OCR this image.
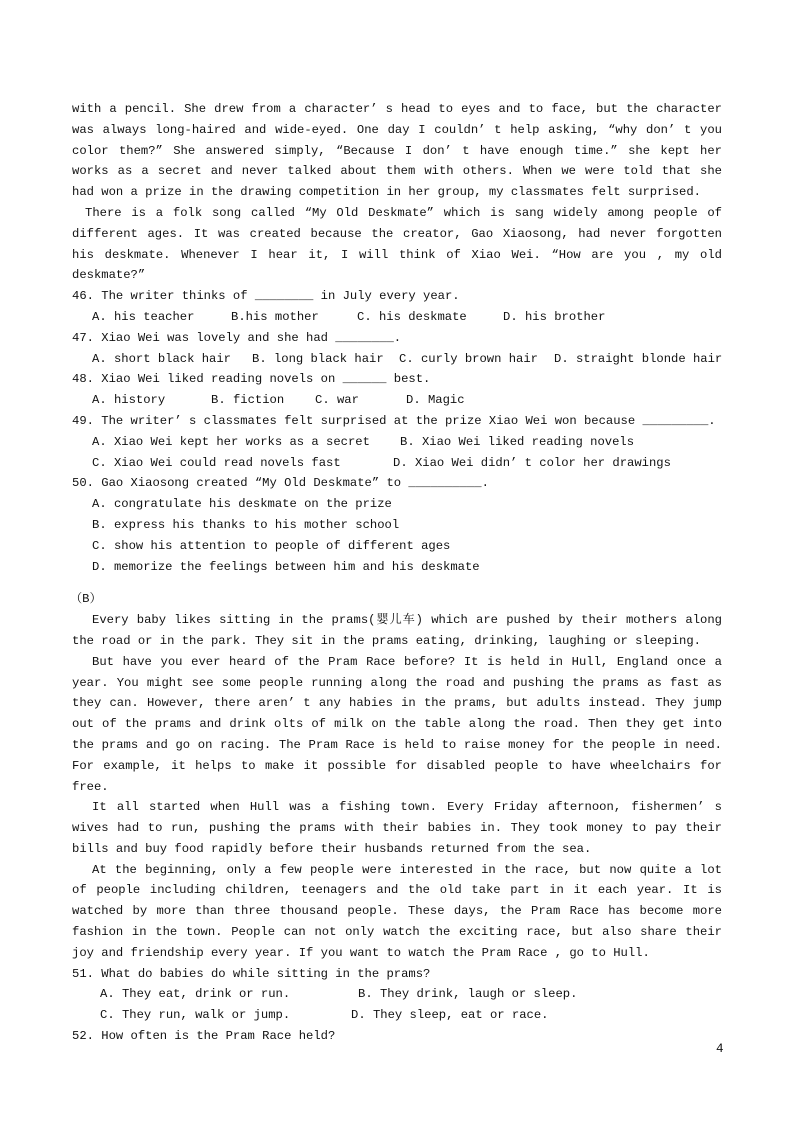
with a pencil. She drew from a character’ s head to eyes and to face, but the character was always long-haired and wide-eyed. One day I couldn’ t help asking, “why don’ t you color them?” She answered simply, “Because I don’ t have enough time.” she kept her works as a secret and never talked about them with others. When we were told that she had won a prize in the drawing competition in her group, my classmates felt surprised.
There is a folk song called “My Old Deskmate” which is sang widely among people of different ages. It was created because the creator, Gao Xiaosong, had never forgotten his deskmate. Whenever I hear it, I will think of Xiao Wei. “How are you , my old deskmate?”
46. The writer thinks of ________ in July every year.
A. his teacher	B.his mother	C. his deskmate	D. his brother
47. Xiao Wei was lovely and she had ________.
A. short black hair B. long black hair C. curly brown hair D. straight blonde hair
48. Xiao Wei liked reading novels on ______ best.
A. history	B. fiction	C. war	D. Magic
49. The writer’ s classmates felt surprised at the prize Xiao Wei won because _________.
A. Xiao Wei kept her works as a secret B. Xiao Wei liked reading novels
C. Xiao Wei could read novels fast	D. Xiao Wei didn’ t color her drawings
50. Gao Xiaosong created “My Old Deskmate” to __________.
A. congratulate his deskmate on the prize
B. express his thanks to his mother school
C. show his attention to people of different ages
D. memorize the feelings between him and his deskmate
（B）
Every baby likes sitting in the prams(婴儿车) which are pushed by their mothers along the road or in the park. They sit in the prams eating, drinking, laughing or sleeping.
But have you ever heard of the Pram Race before? It is held in Hull, England once a year. You might see some people running along the road and pushing the prams as fast as they can. However, there aren’ t any habies in the prams, but adults instead. They jump out of the prams and drink olts of milk on the table along the road. Then they get into the prams and go on racing. The Pram Race is held to raise money for the people in need. For example, it helps to make it possible for disabled people to have wheelchairs for free.
It all started when Hull was a fishing town. Every Friday afternoon, fishermen’ s wives had to run, pushing the prams with their babies in. They took money to pay their bills and buy food rapidly before their husbands returned from the sea.
At the beginning, only a few people were interested in the race, but now quite a lot of people including children, teenagers and the old take part in it each year. It is watched by more than three thousand people. These days, the Pram Race has become more fashion in the town. People can not only watch the exciting race, but also share their joy and friendship every year. If you want to watch the Pram Race , go to Hull.
51. What do babies do while sitting in the prams?
A. They eat, drink or run.	B. They drink, laugh or sleep.
C. They run, walk or jump.	D. They sleep, eat or race.
52. How often is the Pram Race held?
4
